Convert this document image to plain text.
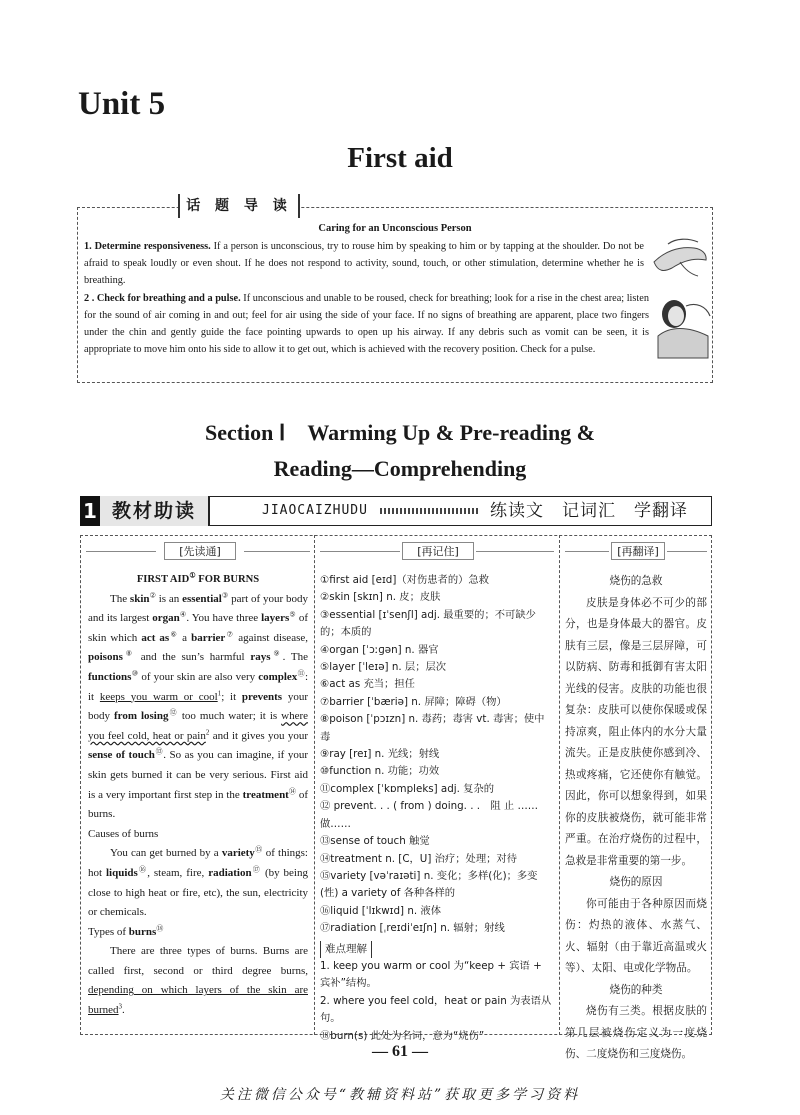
Unit 5
First aid
话 题 导 读
Caring for an Unconscious Person

1. Determine responsiveness. If a person is unconscious, try to rouse him by speaking to him or by tapping at the shoulder. Do not be afraid to speak loudly or even shout. If he does not respond to activity, sound, touch, or other stimulation, determine whether he is breathing.

2 . Check for breathing and a pulse. If unconscious and unable to be roused, check for breathing; look for a rise in the chest area; listen for the sound of air coming in and out; feel for air using the side of your face. If no signs of breathing are apparent, place two fingers under the chin and gently guide the face pointing upwards to open up his airway. If any debris such as vomit can be seen, it is appropriate to move him onto his side to allow it to get out, which is achieved with the recovery position. Check for a pulse.

Section Ⅰ　Warming Up & Pre-reading &
Reading—Comprehending
1 教材助读	JIAOCAIZHUDU	练读文　记词汇　学翻译
[先读通]	[再记住]	[再翻译]
FIRST AID① FOR BURNS

The skin② is an essential③ part of your body and its largest organ④. You have three layers⑤ of skin which act as⑥ a barrier⑦ against disease, poisons⑧ and the sun’s harmful rays⑨. The functions⑩ of your skin are also very complex⑪: it keeps you warm or cool$^1$; it prevents your body from losing⑫ too much water; it is where you feel cold, heat or pain$^2$ and it gives you your sense of touch⑬. So as you can imagine, if your skin gets burned it can be very serious. First aid is a very important first step in the treatment⑭ of burns.

Causes of burns

You can get burned by a variety⑮ of things: hot liquids⑯, steam, fire, radiation⑰ (by being close to high heat or fire, etc), the sun, electricity or chemicals.

Types of burns⑱

There are three types of burns. Burns are called first, second or third degree burns, depending on which layers of the skin are burned$^3$.

①first aid [eɪd]（对伤患者的）急救
②skin [skɪn] n. 皮；皮肤
③essential [ɪˈsenʃl] adj. 最重要的；不可缺少的；本质的
④organ [ˈɔːɡən] n. 器官
⑤layer [ˈleɪə] n. 层；层次
⑥act as 充当；担任
⑦barrier [ˈbæriə] n. 屏障；障碍（物）
⑧poison [ˈpɔɪzn] n. 毒药；毒害 vt. 毒害；使中毒
⑨ray [reɪ] n. 光线；射线
⑩function n. 功能；功效
⑪complex [ˈkɒmpleks] adj. 复杂的
⑫ prevent. . . ( from ) doing. . .　阻 止 ……做……
⑬sense of touch 触觉
⑭treatment n. [C，U] 治疗；处理；对待
⑮variety [vəˈraɪəti] n. 变化；多样(化)；多变(性) a variety of 各种各样的
⑯liquid [ˈlɪkwɪd] n. 液体
⑰radiation [ˌreɪdiˈeɪʃn] n. 辐射；射线
难点理解
1. keep you warm or cool 为“keep + 宾语 + 宾补”结构。
2. where you feel cold，heat or pain 为表语从句。
⑱burn(s) 此处为名词，意为“烧伤”
烧伤的急救

皮肤是身体必不可少的部分，也是身体最大的器官。皮肤有三层，像是三层屏障，可以防病、防毒和抵御有害太阳光线的侵害。皮肤的功能也很复杂：皮肤可以使你保暖或保持凉爽，阻止体内的水分大量流失。正是皮肤使你感到冷、热或疼痛，它还使你有触觉。因此，你可以想象得到，如果你的皮肤被烧伤，就可能非常严重。在治疗烧伤的过程中，急救是非常重要的第一步。

烧伤的原因

你可能由于各种原因而烧伤：灼热的液体、水蒸气、火、辐射（由于靠近高温或火等）、太阳、电或化学物品。

烧伤的种类

烧伤有三类。根据皮肤的第几层被烧伤定义为一度烧伤、二度烧伤和三度烧伤。

— 61 —
关注微信公众号“教辅资料站”获取更多学习资料
